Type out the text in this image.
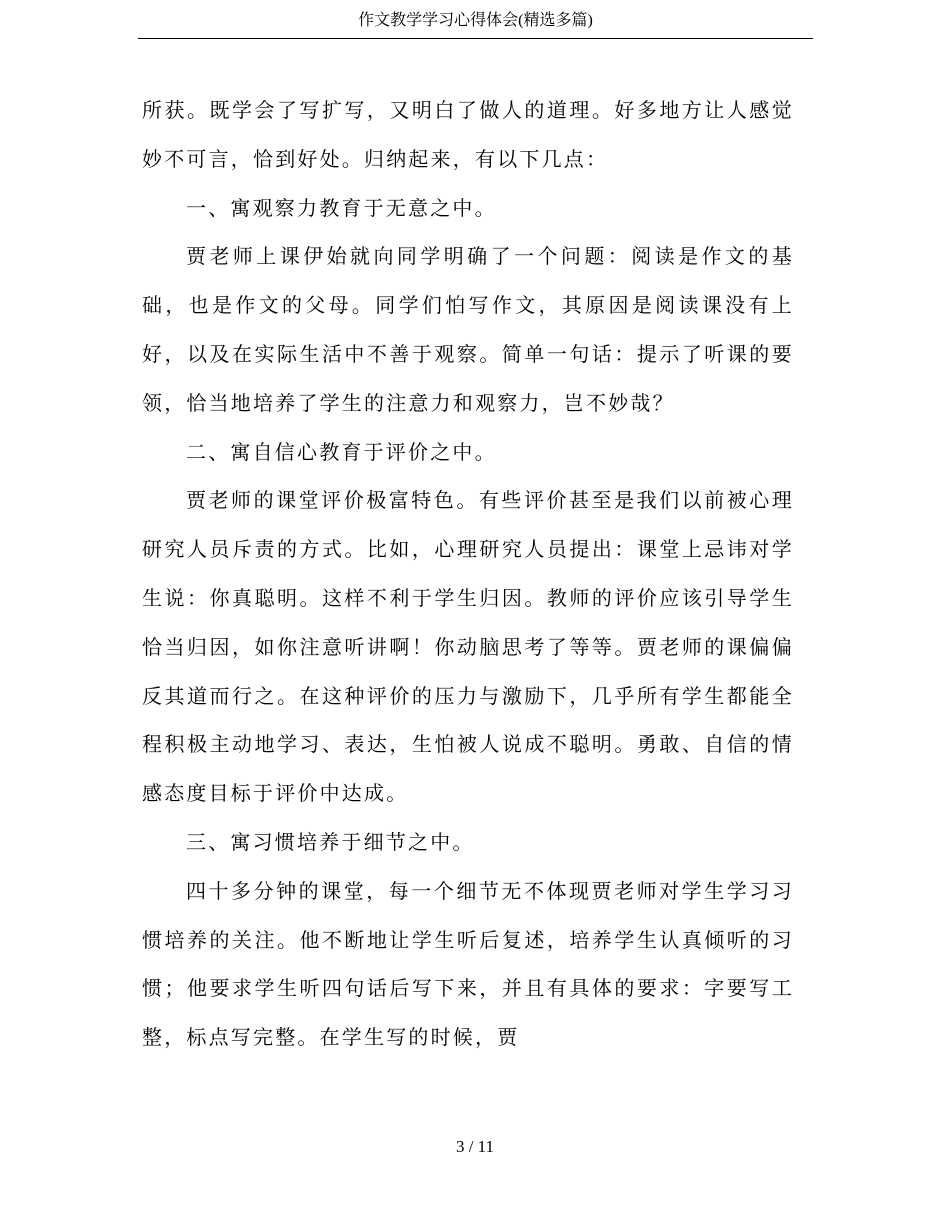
作文教学学习心得体会(精选多篇)

所获。既学会了写扩写，又明白了做人的道理。好多地方让人感觉妙不可言，恰到好处。归纳起来，有以下几点：

一、寓观察力教育于无意之中。

贾老师上课伊始就向同学明确了一个问题：阅读是作文的基础，也是作文的父母。同学们怕写作文，其原因是阅读课没有上好，以及在实际生活中不善于观察。简单一句话：提示了听课的要领，恰当地培养了学生的注意力和观察力，岂不妙哉？

二、寓自信心教育于评价之中。

贾老师的课堂评价极富特色。有些评价甚至是我们以前被心理研究人员斥责的方式。比如，心理研究人员提出：课堂上忌讳对学生说：你真聪明。这样不利于学生归因。教师的评价应该引导学生恰当归因，如你注意听讲啊！你动脑思考了等等。贾老师的课偏偏反其道而行之。在这种评价的压力与激励下，几乎所有学生都能全程积极主动地学习、表达，生怕被人说成不聪明。勇敢、自信的情感态度目标于评价中达成。

三、寓习惯培养于细节之中。

四十多分钟的课堂，每一个细节无不体现贾老师对学生学习习惯培养的关注。他不断地让学生听后复述，培养学生认真倾听的习惯；他要求学生听四句话后写下来，并且有具体的要求：字要写工整，标点写完整。在学生写的时候，贾

3 / 11
